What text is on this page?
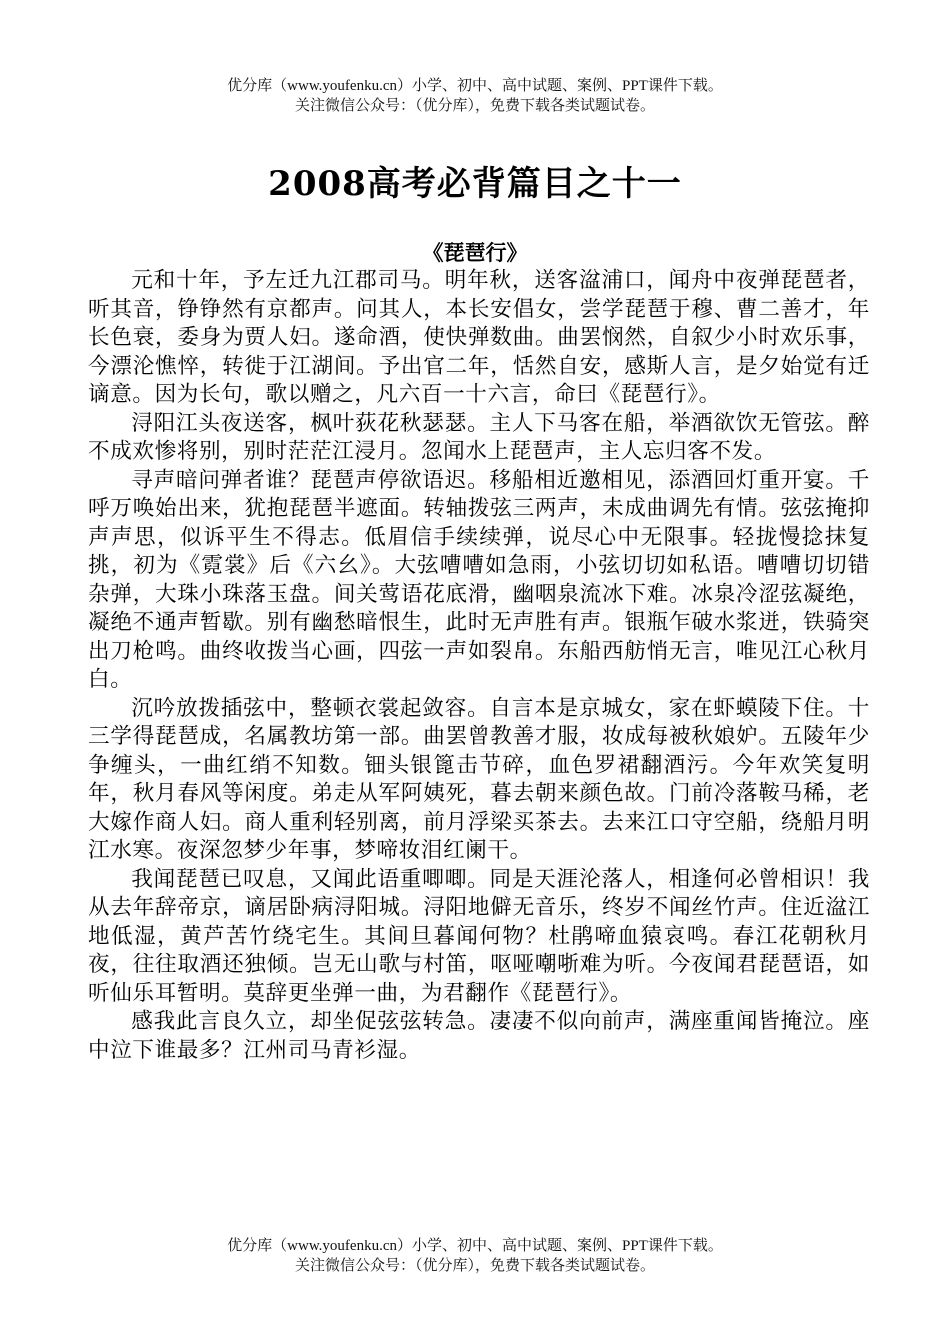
优分库（www.youfenku.cn）小学、初中、高中试题、案例、PPT课件下载。
关注微信公众号：（优分库），免费下载各类试题试卷。
2008高考必背篇目之十一
《琵琶行》

元和十年，予左迁九江郡司马。明年秋，送客湓浦口，闻舟中夜弹琵琶者，听其音，铮铮然有京都声。问其人，本长安倡女，尝学琵琶于穆、曹二善才，年长色衰，委身为贾人妇。遂命酒，使快弹数曲。曲罢悯然，自叙少小时欢乐事，今漂沦憔悴，转徙于江湖间。予出官二年，恬然自安，感斯人言，是夕始觉有迁谪意。因为长句，歌以赠之，凡六百一十六言，命曰《琵琶行》。

浔阳江头夜送客，枫叶荻花秋瑟瑟。主人下马客在船，举酒欲饮无管弦。醉不成欢惨将别，别时茫茫江浸月。忽闻水上琵琶声，主人忘归客不发。

寻声暗问弹者谁？琵琶声停欲语迟。移船相近邀相见，添酒回灯重开宴。千呼万唤始出来，犹抱琵琶半遮面。转轴拨弦三两声，未成曲调先有情。弦弦掩抑声声思，似诉平生不得志。低眉信手续续弹，说尽心中无限事。轻拢慢捻抹复挑，初为《霓裳》后《六幺》。大弦嘈嘈如急雨，小弦切切如私语。嘈嘈切切错杂弹，大珠小珠落玉盘。间关莺语花底滑，幽咽泉流冰下难。冰泉冷涩弦凝绝，凝绝不通声暂歇。别有幽愁暗恨生，此时无声胜有声。银瓶乍破水浆迸，铁骑突出刀枪鸣。曲终收拨当心画，四弦一声如裂帛。东船西舫悄无言，唯见江心秋月白。

沉吟放拨插弦中，整顿衣裳起敛容。自言本是京城女，家在虾蟆陵下住。十三学得琵琶成，名属教坊第一部。曲罢曾教善才服，妆成每被秋娘妒。五陵年少争缠头，一曲红绡不知数。钿头银篦击节碎，血色罗裙翻酒污。今年欢笑复明年，秋月春风等闲度。弟走从军阿姨死，暮去朝来颜色故。门前冷落鞍马稀，老大嫁作商人妇。商人重利轻别离，前月浮梁买茶去。去来江口守空船，绕船月明江水寒。夜深忽梦少年事，梦啼妆泪红阑干。

我闻琵琶已叹息，又闻此语重唧唧。同是天涯沦落人，相逢何必曾相识！我从去年辞帝京，谪居卧病浔阳城。浔阳地僻无音乐，终岁不闻丝竹声。住近湓江地低湿，黄芦苦竹绕宅生。其间旦暮闻何物？杜鹃啼血猿哀鸣。春江花朝秋月夜，往往取酒还独倾。岂无山歌与村笛，呕哑嘲哳难为听。今夜闻君琵琶语，如听仙乐耳暂明。莫辞更坐弹一曲，为君翻作《琵琶行》。

感我此言良久立，却坐促弦弦转急。凄凄不似向前声，满座重闻皆掩泣。座中泣下谁最多？江州司马青衫湿。

优分库（www.youfenku.cn）小学、初中、高中试题、案例、PPT课件下载。
关注微信公众号：（优分库），免费下载各类试题试卷。
